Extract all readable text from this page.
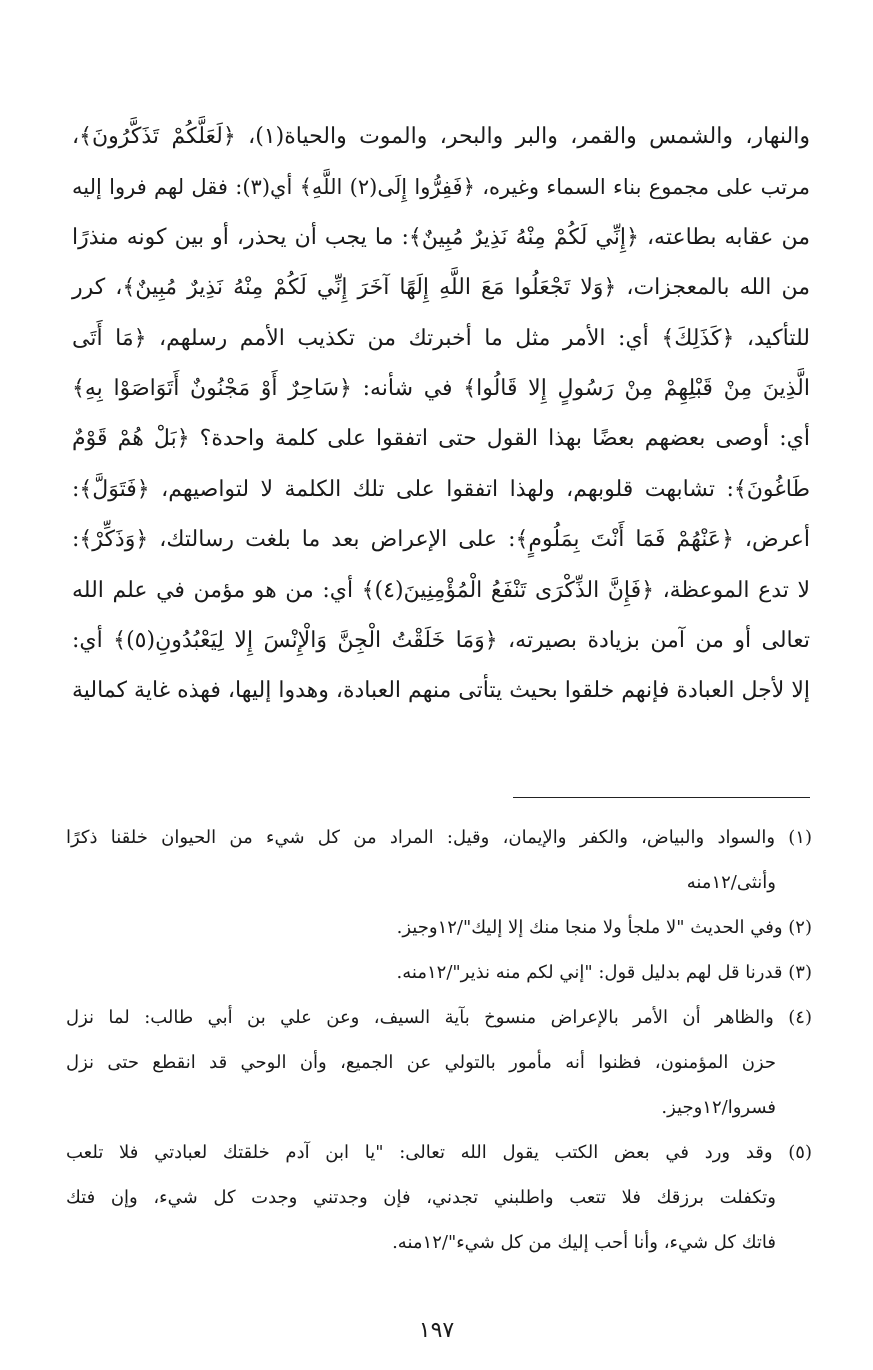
والنهار، والشمس والقمر، والبر والبحر، والموت والحياة(١)، ﴿لَعَلَّكُمْ تَذَكَّرُونَ﴾،
مرتب على مجموع بناء السماء وغيره، ﴿فَفِرُّوا إِلَى(٢) اللَّهِ﴾ أي(٣): فقل لهم فروا إليه
من عقابه بطاعته، ﴿إِنِّي لَكُمْ مِنْهُ نَذِيرٌ مُبِينٌ﴾: ما يجب أن يحذر، أو بين كونه منذرًا
من الله بالمعجزات، ﴿وَلا تَجْعَلُوا مَعَ اللَّهِ إِلَهًا آخَرَ إِنِّي لَكُمْ مِنْهُ نَذِيرٌ مُبِينٌ﴾، كرر
للتأكيد، ﴿كَذَلِكَ﴾ أي: الأمر مثل ما أخبرتك من تكذيب الأمم رسلهم، ﴿مَا أَتَى
الَّذِينَ مِنْ قَبْلِهِمْ مِنْ رَسُولٍ إِلا قَالُوا﴾ في شأنه: ﴿سَاحِرٌ أَوْ مَجْنُونٌ أَتَوَاصَوْا بِهِ﴾
أي: أوصى بعضهم بعضًا بهذا القول حتى اتفقوا على كلمة واحدة؟ ﴿بَلْ هُمْ قَوْمٌ
طَاغُونَ﴾: تشابهت قلوبهم، ولهذا اتفقوا على تلك الكلمة لا لتواصيهم، ﴿فَتَوَلَّ﴾:
أعرض، ﴿عَنْهُمْ فَمَا أَنْتَ بِمَلُومٍ﴾: على الإعراض بعد ما بلغت رسالتك، ﴿وَذَكِّرْ﴾:
لا تدع الموعظة، ﴿فَإِنَّ الذِّكْرَى تَنْفَعُ الْمُؤْمِنِينَ(٤)﴾ أي: من هو مؤمن في علم الله
تعالى أو من آمن بزيادة بصيرته، ﴿وَمَا خَلَقْتُ الْجِنَّ وَالْإِنْسَ إِلا لِيَعْبُدُونِ(٥)﴾ أي:
إلا لأجل العبادة فإنهم خلقوا بحيث يتأتى منهم العبادة، وهدوا إليها، فهذه غاية كمالية
(١) والسواد والبياض، والكفر والإيمان، وقيل: المراد من كل شيء من الحيوان خلقنا ذكرًا
وأنثى/١٢منه
(٢) وفي الحديث "لا ملجأ ولا منجا منك إلا إليك"/١٢وجيز.
(٣) قدرنا قل لهم بدليل قول: "إني لكم منه نذير"/١٢منه.
(٤) والظاهر أن الأمر بالإعراض منسوخ بآية السيف، وعن علي بن أبي طالب: لما نزل
حزن المؤمنون، فظنوا أنه مأمور بالتولي عن الجميع، وأن الوحي قد انقطع حتى نزل
فسروا/١٢وجيز.
(٥) وقد ورد في بعض الكتب يقول الله تعالى: "يا ابن آدم خلقتك لعبادتي فلا تلعب
وتكفلت برزقك فلا تتعب واطلبني تجدني، فإن وجدتني وجدت كل شيء، وإن فتك
فاتك كل شيء، وأنا أحب إليك من كل شيء"/١٢منه.
١٩٧
